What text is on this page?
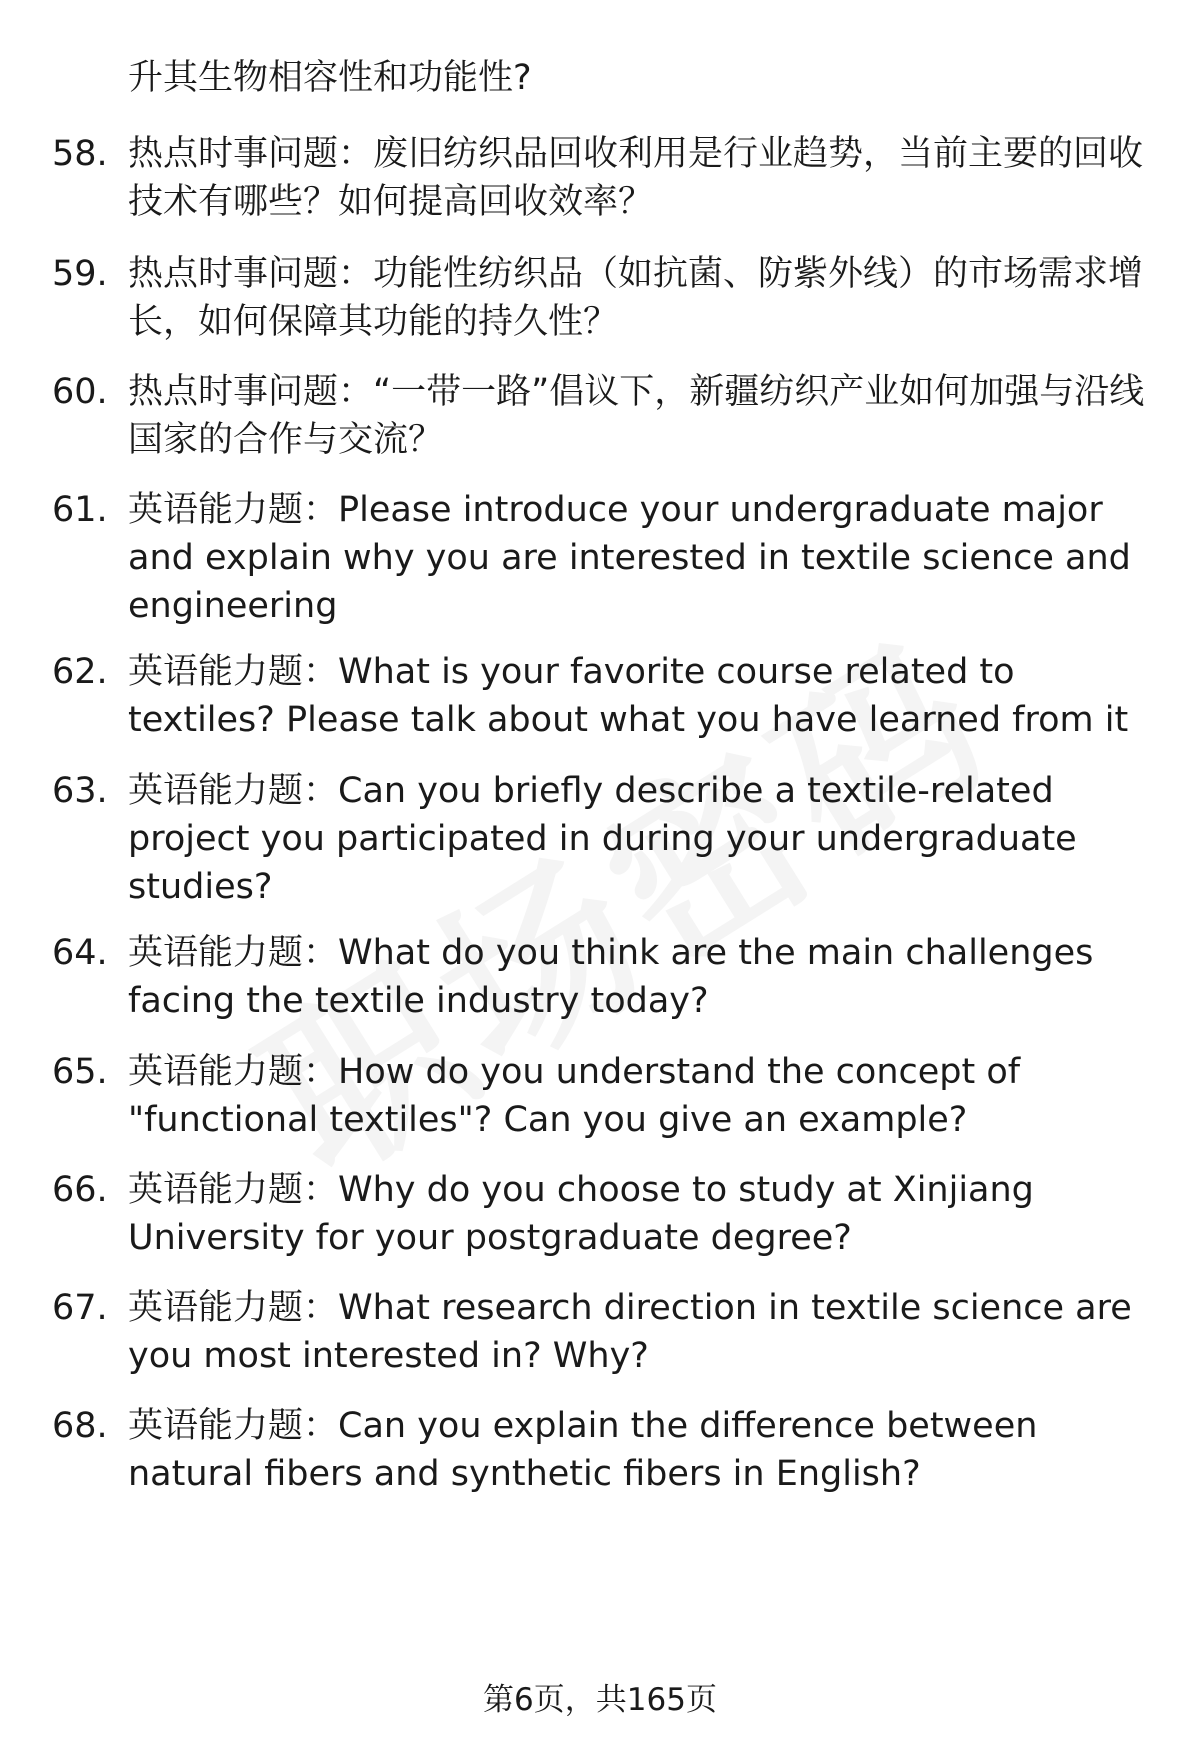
升其生物相容性和功能性?
58. 热点时事问题：废旧纺织品回收利用是行业趋势，当前主要的回收技术有哪些？如何提高回收效率？
59. 热点时事问题：功能性纺织品（如抗菌、防紫外线）的市场需求增长，如何保障其功能的持久性？
60. 热点时事问题：“一带一路”倡议下，新疆纺织产业如何加强与沿线国家的合作与交流？
61. 英语能力题：Please introduce your undergraduate major and explain why you are interested in textile science and engineering
62. 英语能力题：What is your favorite course related to textiles? Please talk about what you have learned from it
63. 英语能力题：Can you briefly describe a textile-related project you participated in during your undergraduate studies?
64. 英语能力题：What do you think are the main challenges facing the textile industry today?
65. 英语能力题：How do you understand the concept of "functional textiles"? Can you give an example?
66. 英语能力题：Why do you choose to study at Xinjiang University for your postgraduate degree?
67. 英语能力题：What research direction in textile science are you most interested in? Why?
68. 英语能力题：Can you explain the difference between natural fibers and synthetic fibers in English?
第6页，共165页
